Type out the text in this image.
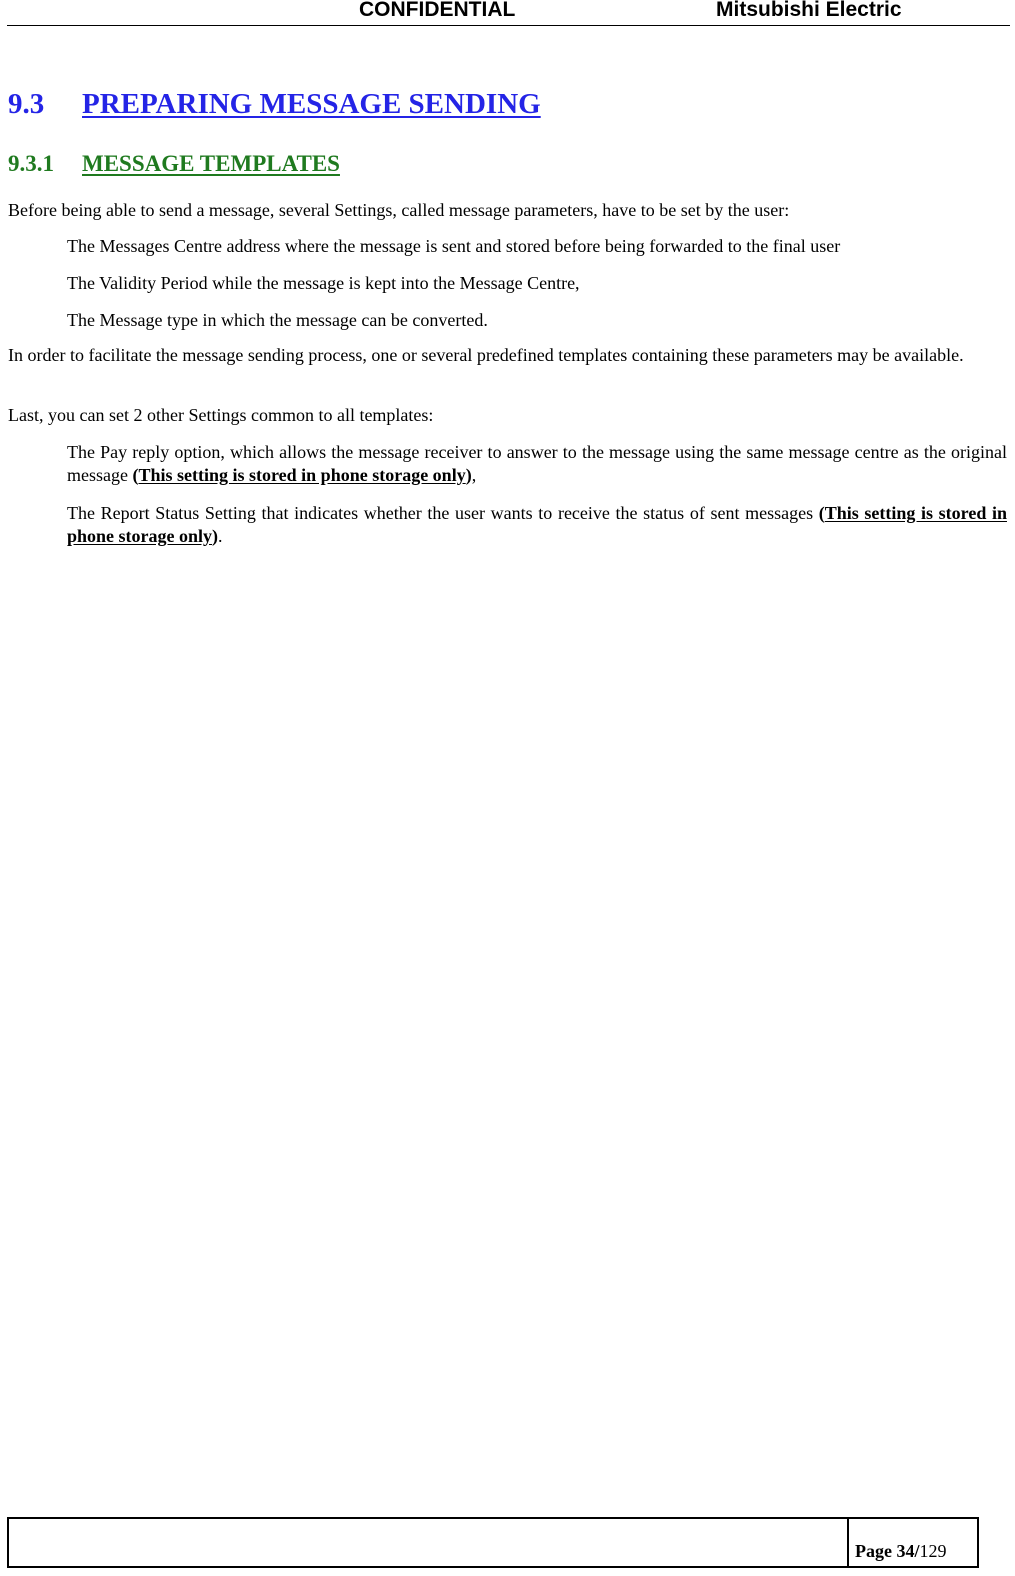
CONFIDENTIAL	Mitsubishi Electric
9.3 PREPARING MESSAGE SENDING
9.3.1 MESSAGE TEMPLATES

Before being able to send a message, several Settings, called message parameters, have to be set by the user:

The Messages Centre address where the message is sent and stored before being forwarded to the final user

The Validity Period while the message is kept into the Message Centre,

The Message type in which the message can be converted.

In order to facilitate the message sending process, one or several predefined templates containing these parameters may be available.

Last, you can set 2 other Settings common to all templates:

The Pay reply option, which allows the message receiver to answer to the message using the same message centre as the original message (This setting is stored in phone storage only),

The Report Status Setting that indicates whether the user wants to receive the status of sent messages (This setting is stored in phone storage only).

Page 34/129
